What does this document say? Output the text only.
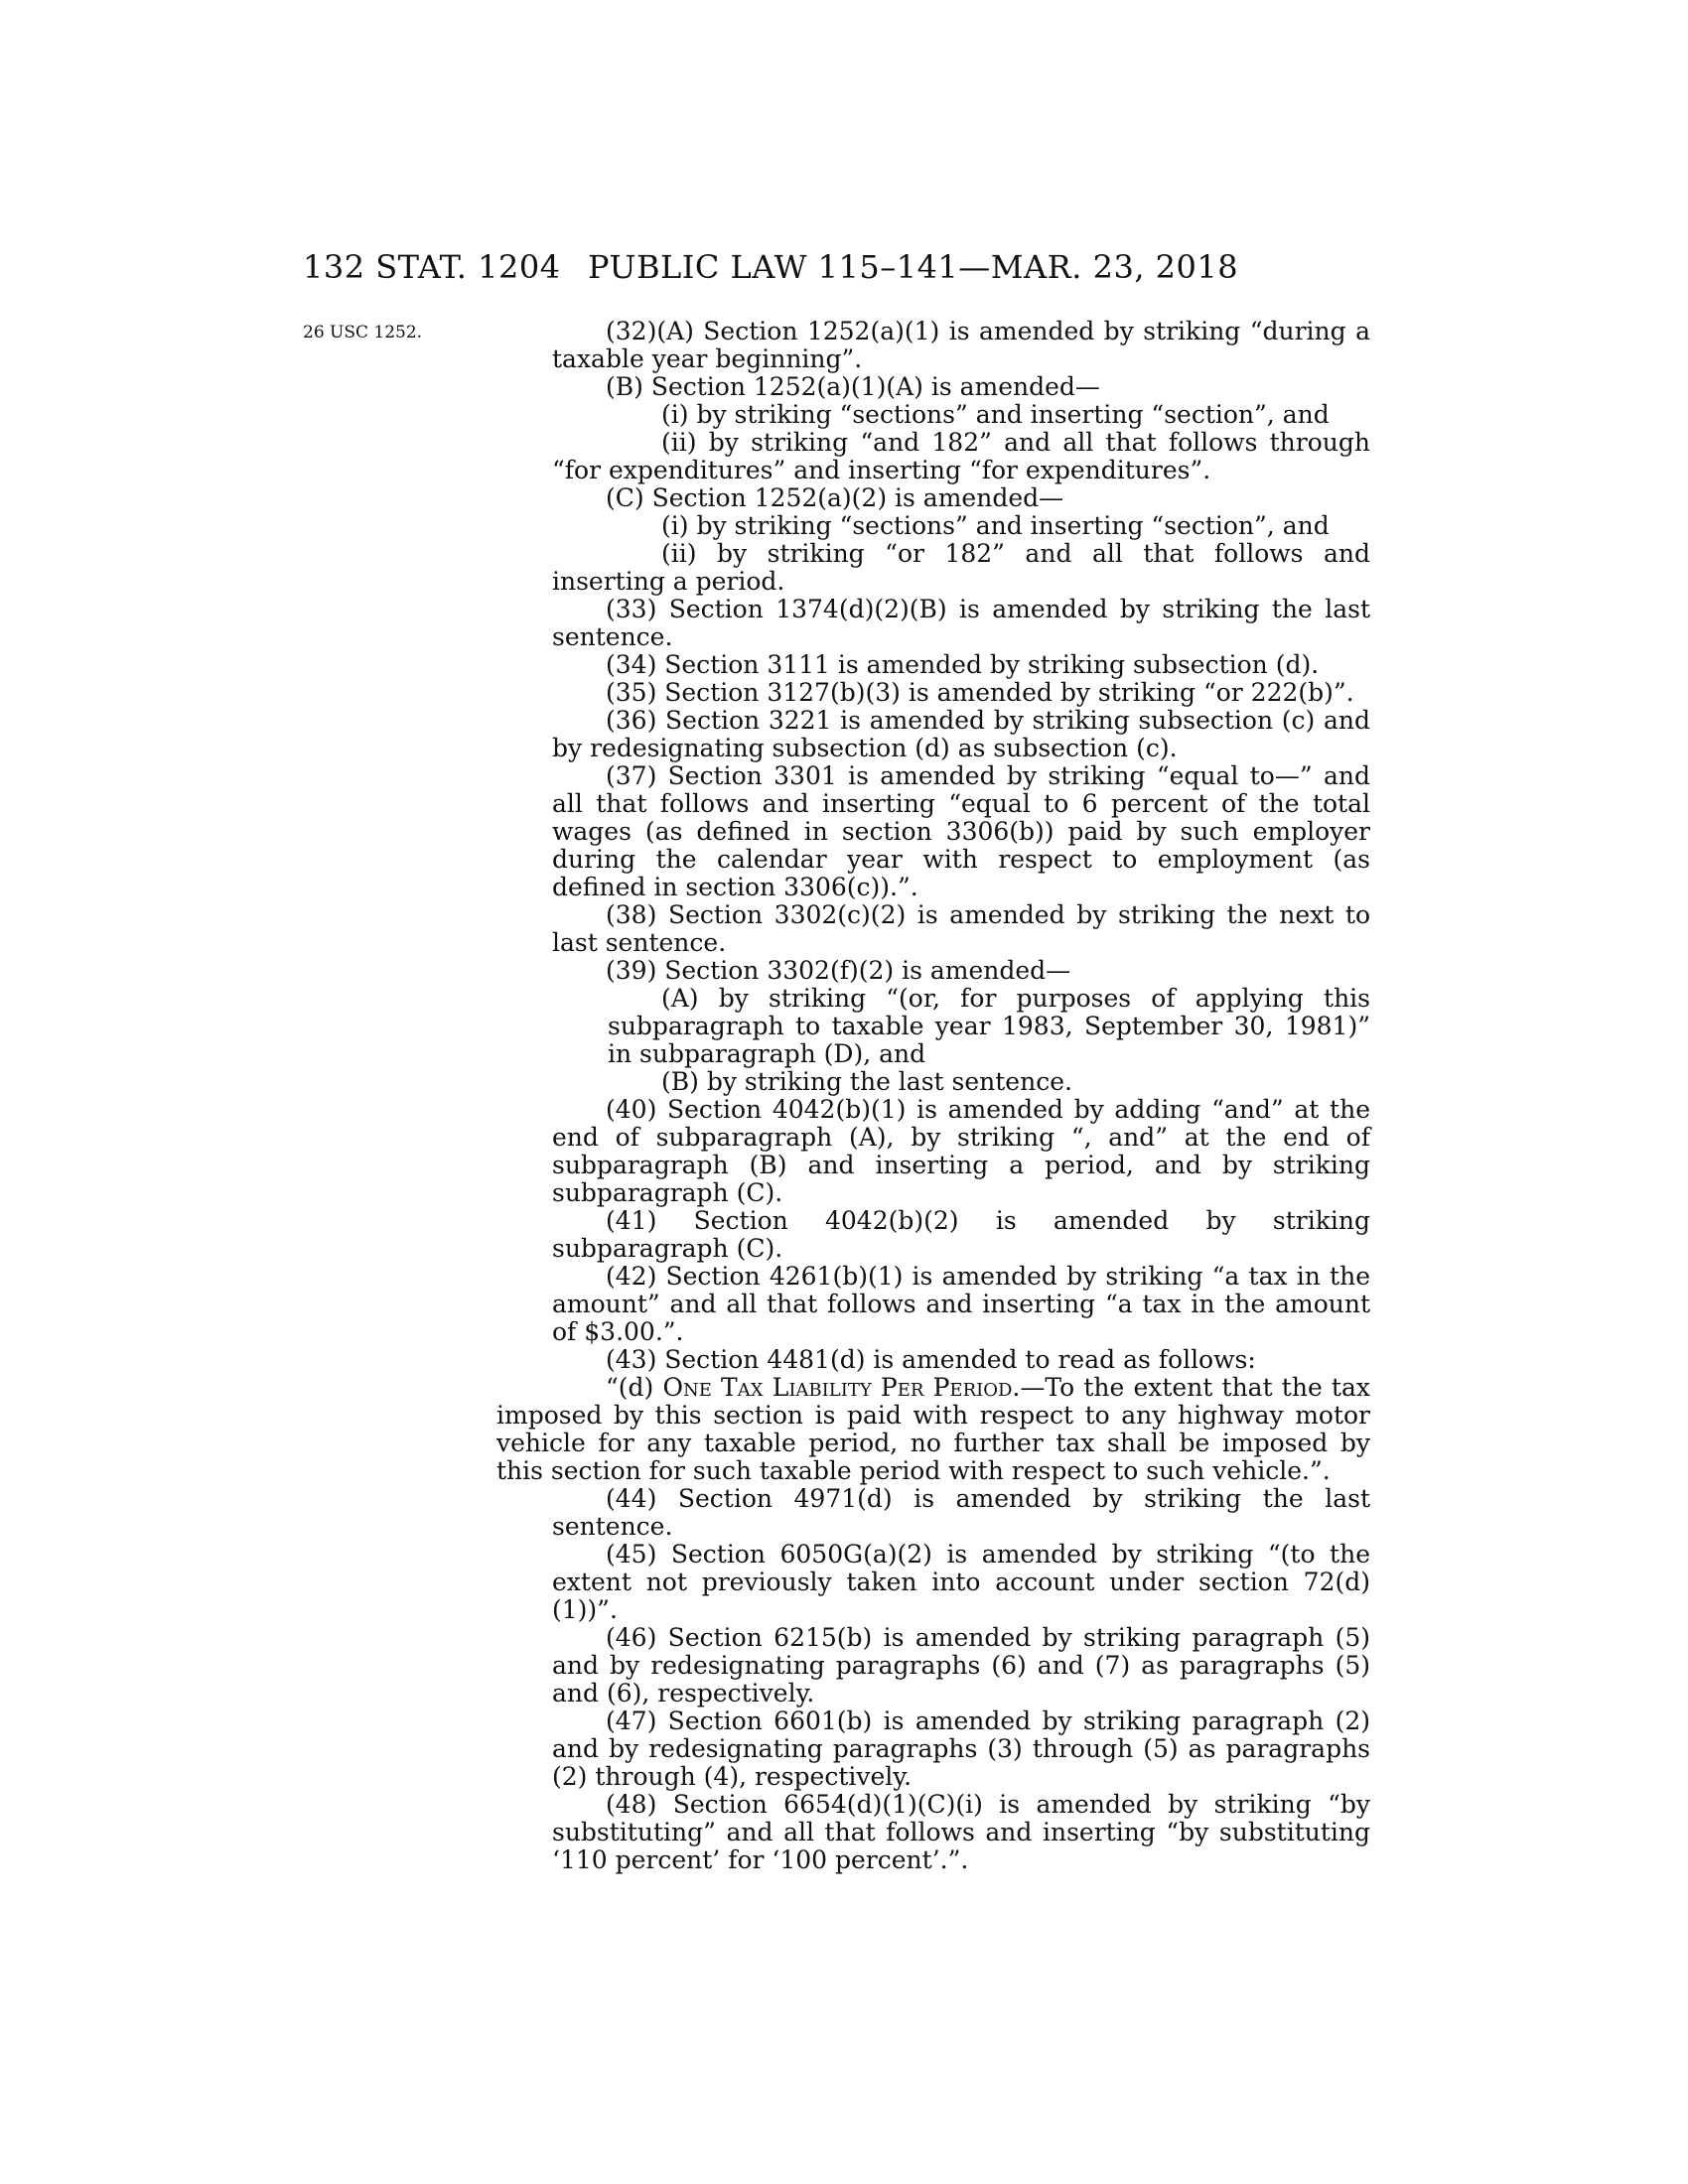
132 STAT. 1204 PUBLIC LAW 115–141—MAR. 23, 2018
26 USC 1252.	(32)(A) Section 1252(a)(1) is amended by striking “during a taxable year beginning”.

(B) Section 1252(a)(1)(A) is amended—

(i) by striking “sections” and inserting “section”, and

(ii) by striking “and 182” and all that follows through “for expenditures” and inserting “for expenditures”.

(C) Section 1252(a)(2) is amended—

(i) by striking “sections” and inserting “section”, and

(ii) by striking “or 182” and all that follows and inserting a period.

(33) Section 1374(d)(2)(B) is amended by striking the last sentence.

(34) Section 3111 is amended by striking subsection (d).

(35) Section 3127(b)(3) is amended by striking “or 222(b)”.

(36) Section 3221 is amended by striking subsection (c) and by redesignating subsection (d) as subsection (c).

(37) Section 3301 is amended by striking “equal to—” and all that follows and inserting “equal to 6 percent of the total wages (as defined in section 3306(b)) paid by such employer during the calendar year with respect to employment (as defined in section 3306(c)).”.

(38) Section 3302(c)(2) is amended by striking the next to last sentence.

(39) Section 3302(f)(2) is amended—

(A) by striking “(or, for purposes of applying this subparagraph to taxable year 1983, September 30, 1981)” in subparagraph (D), and

(B) by striking the last sentence.

(40) Section 4042(b)(1) is amended by adding “and” at the end of subparagraph (A), by striking “, and” at the end of subparagraph (B) and inserting a period, and by striking subparagraph (C).

(41) Section 4042(b)(2) is amended by striking subparagraph (C).

(42) Section 4261(b)(1) is amended by striking “a tax in the amount” and all that follows and inserting “a tax in the amount of $3.00.”.

(43) Section 4481(d) is amended to read as follows:

“(d) One Tax Liability Per Period.—To the extent that the tax imposed by this section is paid with respect to any highway motor vehicle for any taxable period, no further tax shall be imposed by this section for such taxable period with respect to such vehicle.”.

(44) Section 4971(d) is amended by striking the last sentence.

(45) Section 6050G(a)(2) is amended by striking “(to the extent not previously taken into account under section 72(d)(1))”.

(46) Section 6215(b) is amended by striking paragraph (5) and by redesignating paragraphs (6) and (7) as paragraphs (5) and (6), respectively.

(47) Section 6601(b) is amended by striking paragraph (2) and by redesignating paragraphs (3) through (5) as paragraphs (2) through (4), respectively.

(48) Section 6654(d)(1)(C)(i) is amended by striking “by substituting” and all that follows and inserting “by substituting ‘110 percent’ for ‘100 percent’.”.
